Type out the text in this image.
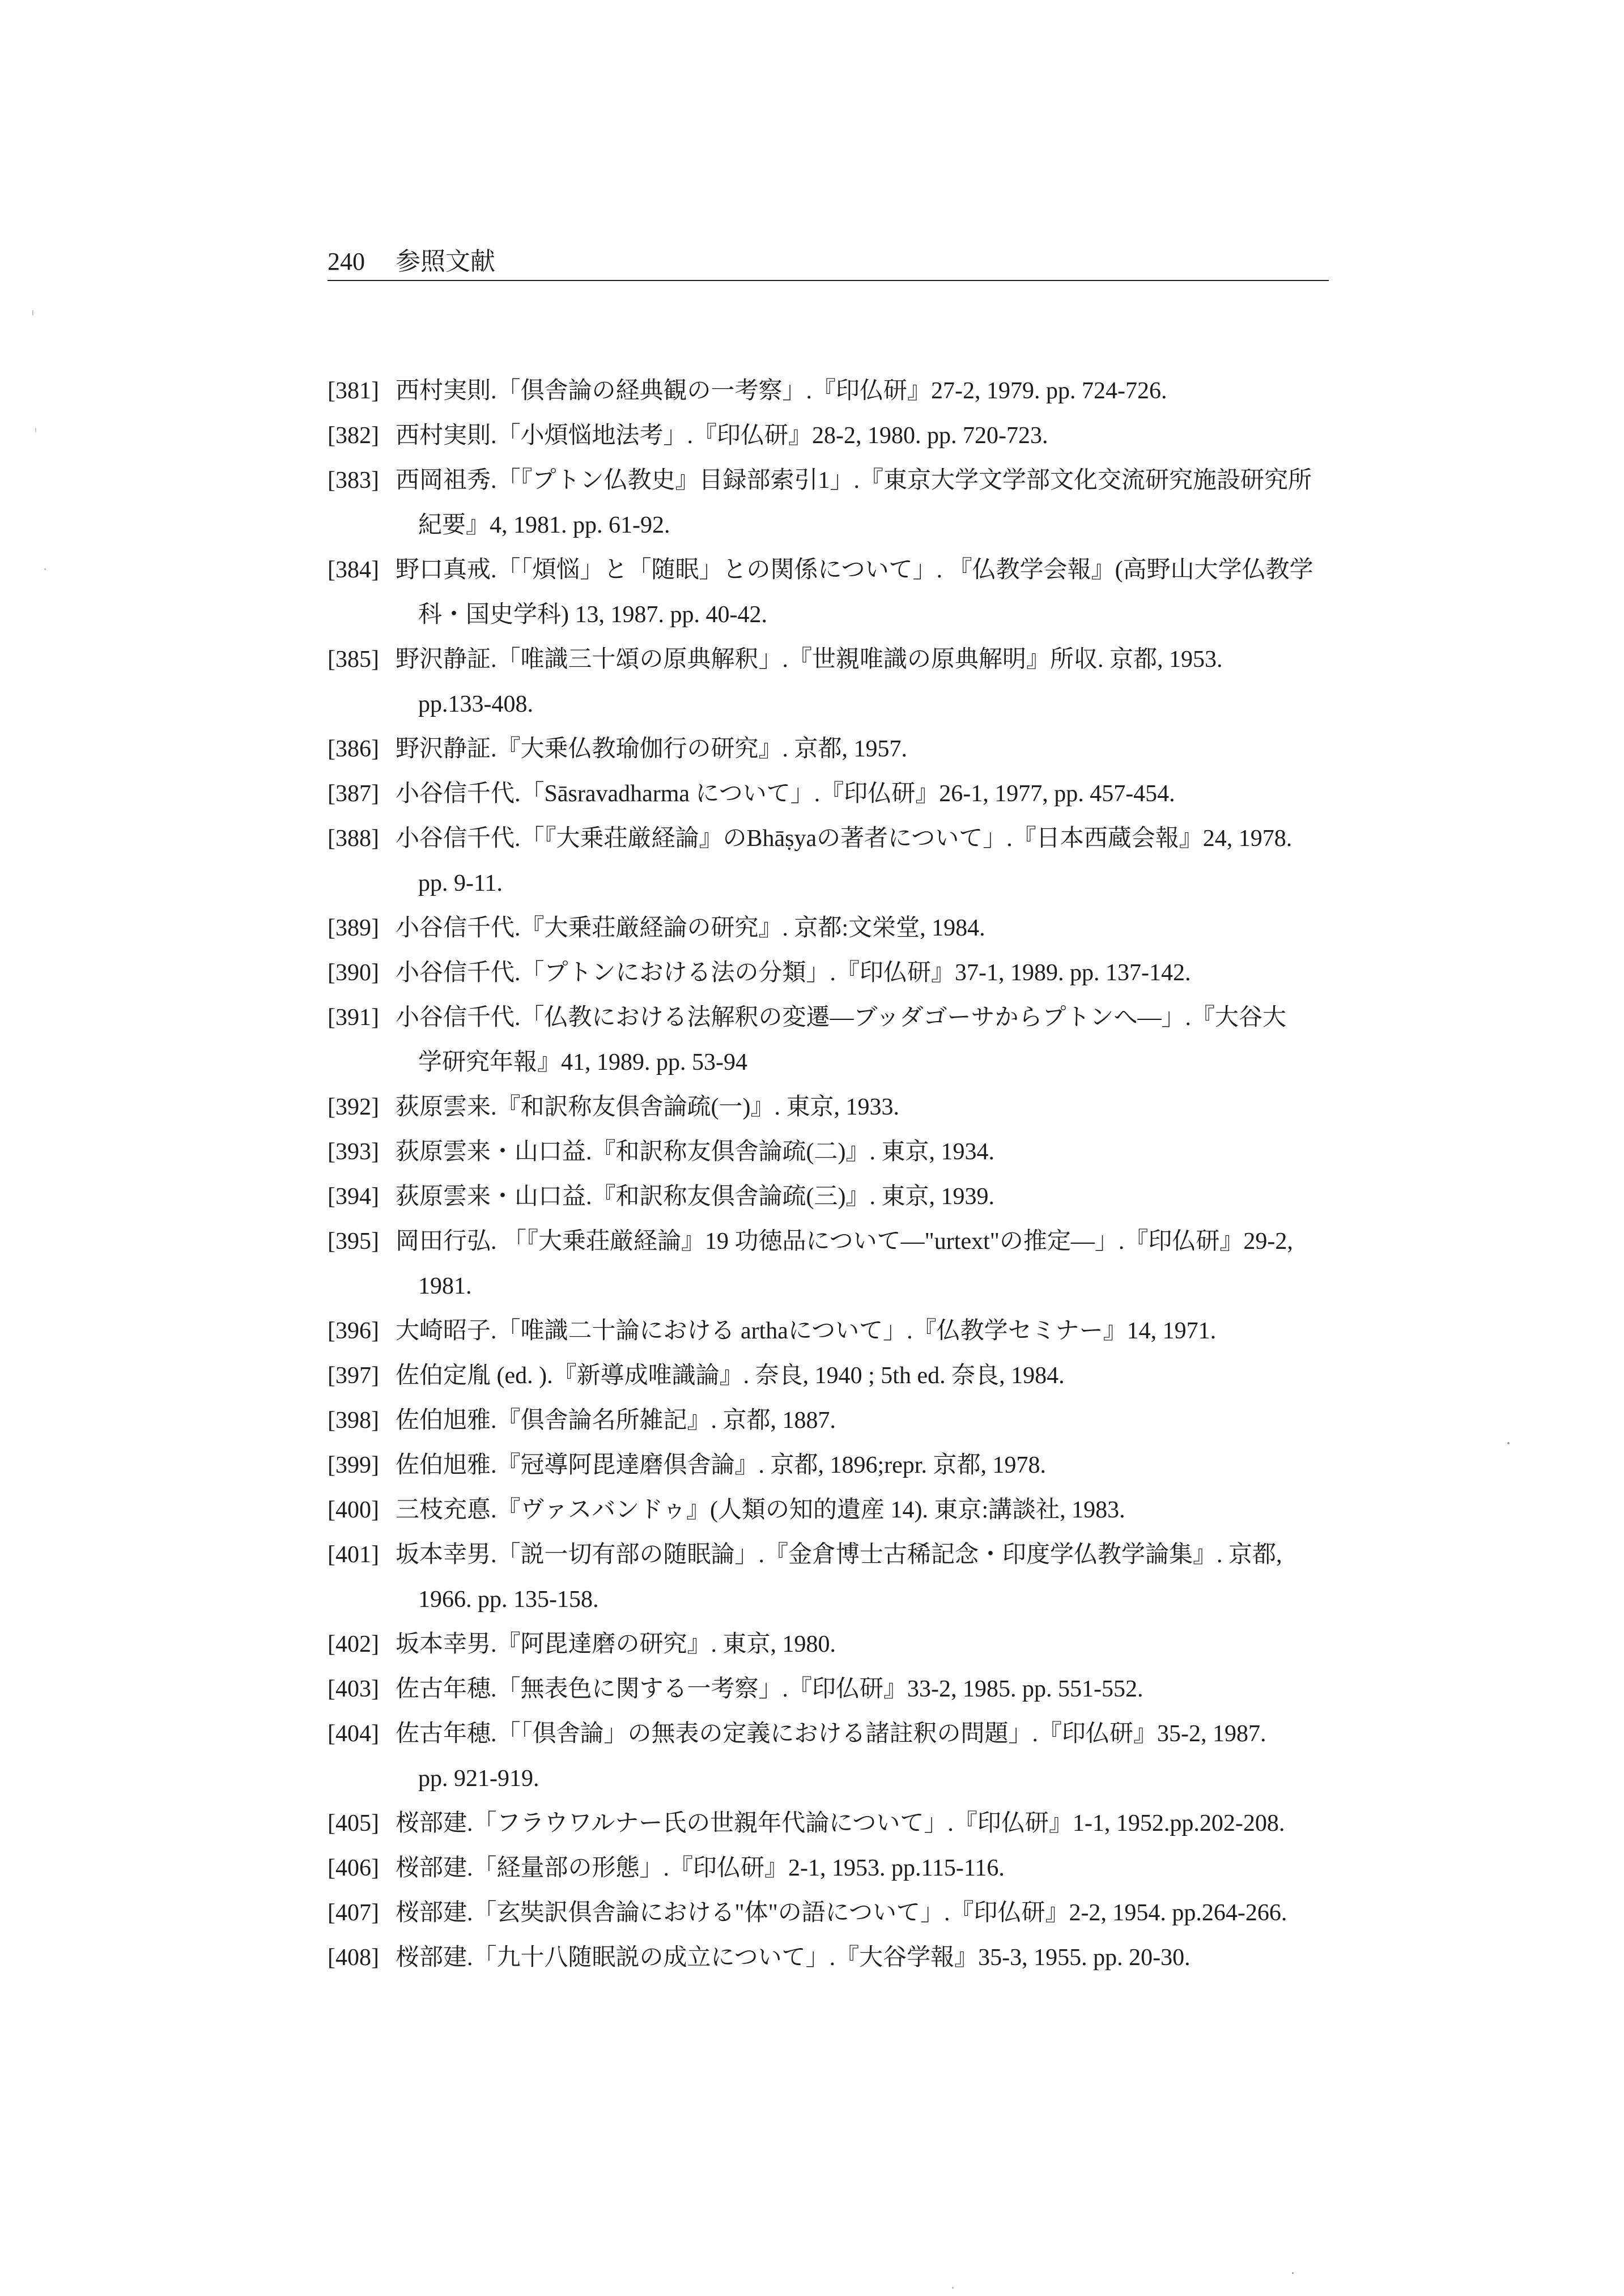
240 参照文献
[381] 西村実則.「倶舎論の経典観の一考察」.『印仏研』27-2, 1979. pp. 724-726.
[382] 西村実則.「小煩悩地法考」.『印仏研』28-2, 1980. pp. 720-723.
[383] 西岡祖秀.「『プトン仏教史』目録部索引1」.『東京大学文学部文化交流研究施設研究所
紀要』4, 1981. pp. 61-92.
[384] 野口真戒.「「煩悩」と「随眠」との関係について」. 『仏教学会報』(高野山大学仏教学
科・国史学科) 13, 1987. pp. 40-42.
[385] 野沢静証.「唯識三十頌の原典解釈」.『世親唯識の原典解明』所収. 京都, 1953.
pp.133-408.
[386] 野沢静証.『大乗仏教瑜伽行の研究』. 京都, 1957.
[387] 小谷信千代.「Sāsravadharma について」.『印仏研』26-1, 1977, pp. 457-454.
[388] 小谷信千代.「『大乗荘厳経論』のBhāṣyaの著者について」.『日本西蔵会報』24, 1978.
pp. 9-11.
[389] 小谷信千代.『大乗荘厳経論の研究』. 京都:文栄堂, 1984.
[390] 小谷信千代.「プトンにおける法の分類」.『印仏研』37-1, 1989. pp. 137-142.
[391] 小谷信千代.「仏教における法解釈の変遷—ブッダゴーサからプトンへ—」.『大谷大
学研究年報』41, 1989. pp. 53-94
[392] 荻原雲来.『和訳称友倶舎論疏(一)』. 東京, 1933.
[393] 荻原雲来・山口益.『和訳称友倶舎論疏(二)』. 東京, 1934.
[394] 荻原雲来・山口益.『和訳称友倶舎論疏(三)』. 東京, 1939.
[395] 岡田行弘. 「『大乗荘厳経論』19 功徳品について—"urtext"の推定—」.『印仏研』29-2,
1981.
[396] 大崎昭子.「唯識二十論における arthaについて」.『仏教学セミナー』14, 1971.
[397] 佐伯定胤 (ed. ).『新導成唯識論』. 奈良, 1940 ; 5th ed. 奈良, 1984.
[398] 佐伯旭雅.『倶舎論名所雑記』. 京都, 1887.
[399] 佐伯旭雅.『冠導阿毘達磨倶舎論』. 京都, 1896;repr. 京都, 1978.
[400] 三枝充悳.『ヴァスバンドゥ』(人類の知的遺産 14). 東京:講談社, 1983.
[401] 坂本幸男.「説一切有部の随眠論」.『金倉博士古稀記念・印度学仏教学論集』. 京都,
1966. pp. 135-158.
[402] 坂本幸男.『阿毘達磨の研究』. 東京, 1980.
[403] 佐古年穂.「無表色に関する一考察」.『印仏研』33-2, 1985. pp. 551-552.
[404] 佐古年穂.「「倶舎論」の無表の定義における諸註釈の問題」.『印仏研』35-2, 1987.
pp. 921-919.
[405] 桜部建.「フラウワルナー氏の世親年代論について」.『印仏研』1-1, 1952.pp.202-208.
[406] 桜部建.「経量部の形態」.『印仏研』2-1, 1953. pp.115-116.
[407] 桜部建.「玄奘訳倶舎論における"体"の語について」.『印仏研』2-2, 1954. pp.264-266.
[408] 桜部建.「九十八随眠説の成立について」.『大谷学報』35-3, 1955. pp. 20-30.
